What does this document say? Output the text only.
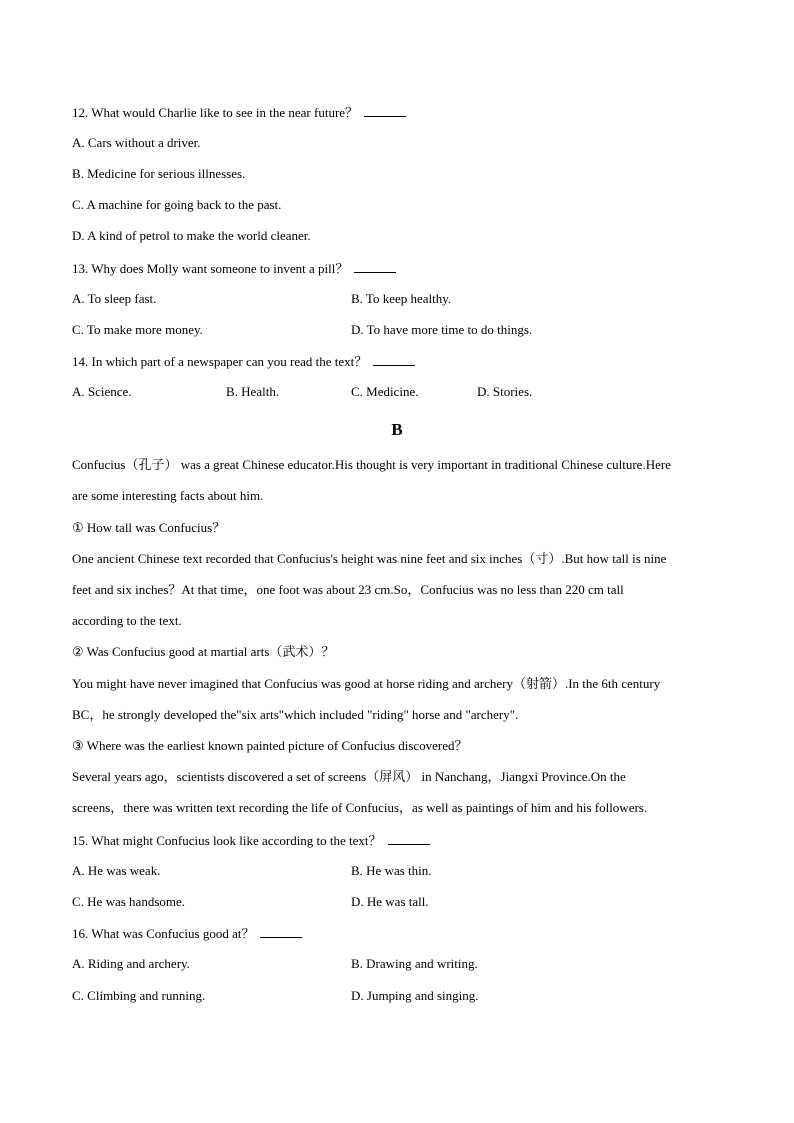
12. What would Charlie like to see in the near future？
A. Cars without a driver.
B. Medicine for serious illnesses.
C. A machine for going back to the past.
D. A kind of petrol to make the world cleaner.
13. Why does Molly want someone to invent a pill？
A. To sleep fast.	B. To keep healthy.
C. To make more money.	D. To have more time to do things.
14. In which part of a newspaper can you read the text？
A. Science.	B. Health.	C. Medicine.	D. Stories.
B
Confucius（孔子） was a great Chinese educator.His thought is very important in traditional Chinese culture.Here
are some interesting facts about him.
① How tall was Confucius？
One ancient Chinese text recorded that Confucius's height was nine feet and six inches（寸）.But how tall is nine
feet and six inches？At that time，one foot was about 23 cm.So，Confucius was no less than 220 cm tall
according to the text.
② Was Confucius good at martial arts（武术）？
You might have never imagined that Confucius was good at horse riding and archery（射箭）.In the 6th century
BC，he strongly developed the"six arts"which included "riding" horse and "archery".
③ Where was the earliest known painted picture of Confucius discovered？
Several years ago，scientists discovered a set of screens（屏风） in Nanchang，Jiangxi Province.On the
screens，there was written text recording the life of Confucius，as well as paintings of him and his followers.
15. What might Confucius look like according to the text？
A. He was weak.	B. He was thin.
C. He was handsome.	D. He was tall.
16. What was Confucius good at？
A. Riding and archery.	B. Drawing and writing.
C. Climbing and running.	D. Jumping and singing.
